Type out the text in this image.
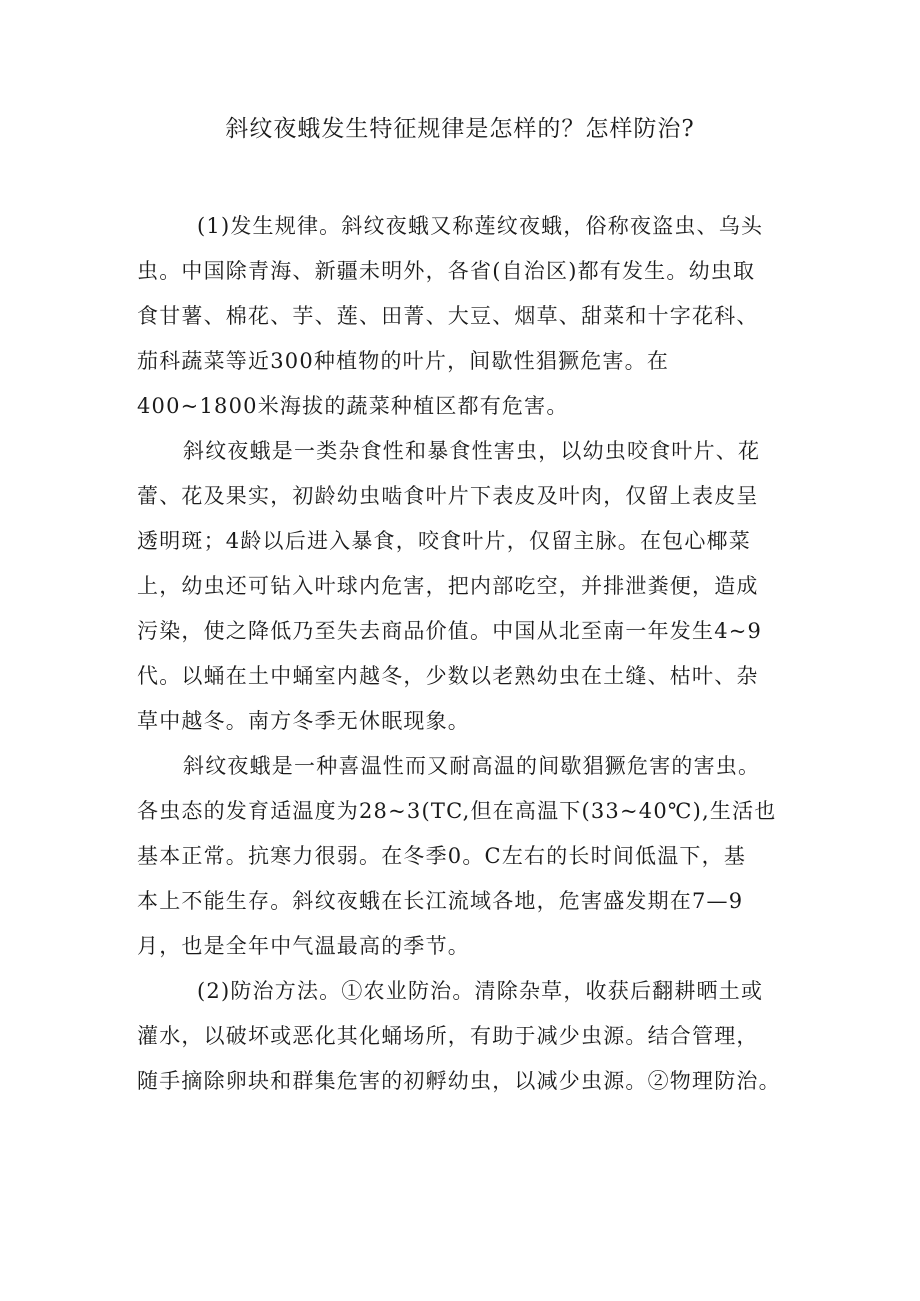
斜纹夜蛾发生特征规律是怎样的？怎样防治?

(1)发生规律。斜纹夜蛾又称莲纹夜蛾，俗称夜盗虫、乌头
虫。中国除青海、新疆未明外，各省(自治区)都有发生。幼虫取
食甘薯、棉花、芋、莲、田菁、大豆、烟草、甜菜和十字花科、
茄科蔬菜等近300种植物的叶片，间歇性猖獗危害。在
400~1800米海拔的蔬菜种植区都有危害。

斜纹夜蛾是一类杂食性和暴食性害虫，以幼虫咬食叶片、花
蕾、花及果实，初龄幼虫啮食叶片下表皮及叶肉，仅留上表皮呈
透明斑；4龄以后进入暴食，咬食叶片，仅留主脉。在包心椰菜
上，幼虫还可钻入叶球内危害，把内部吃空，并排泄粪便，造成
污染，使之降低乃至失去商品价值。中国从北至南一年发生4~9
代。以蛹在土中蛹室内越冬，少数以老熟幼虫在土缝、枯叶、杂
草中越冬。南方冬季无休眠现象。

斜纹夜蛾是一种喜温性而又耐高温的间歇猖獗危害的害虫。
各虫态的发育适温度为28~3(TC,但在高温下(33~40℃),生活也
基本正常。抗寒力很弱。在冬季0。C左右的长时间低温下，基
本上不能生存。斜纹夜蛾在长江流域各地，危害盛发期在7—9
月，也是全年中气温最高的季节。

(2)防治方法。①农业防治。清除杂草，收获后翻耕晒土或
灌水，以破坏或恶化其化蛹场所，有助于减少虫源。结合管理，
随手摘除卵块和群集危害的初孵幼虫，以减少虫源。②物理防治。
